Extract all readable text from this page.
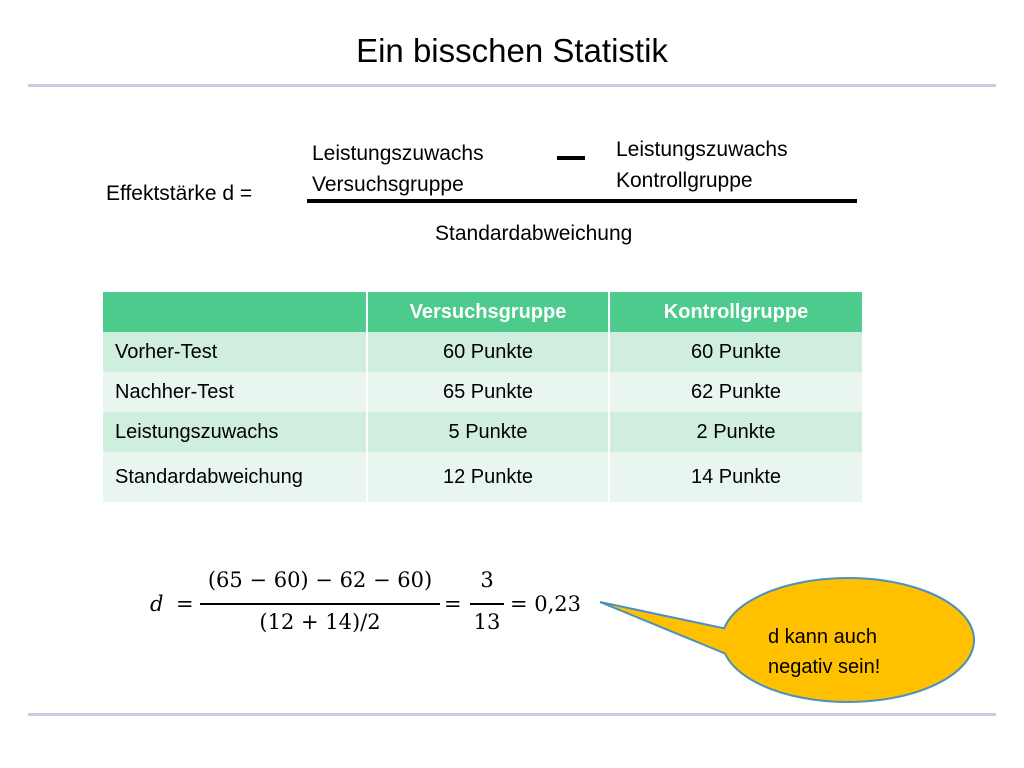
Ein bisschen Statistik
Leistungszuwachs
Versuchsgruppe
Leistungszuwachs
Kontrollgruppe
Effektstärke d =
Standardabweichung
	Versuchsgruppe	Kontrollgruppe
Vorher-Test	60 Punkte	60 Punkte
Nachher-Test	65 Punkte	62 Punkte
Leistungszuwachs	5 Punkte	2 Punkte
Standardabweichung	12 Punkte	14 Punkte
d =
(65 − 60) − 62 − 60)
(12 + 14)/2
=
3
13
= 0,23
d kann auch
negativ sein!
